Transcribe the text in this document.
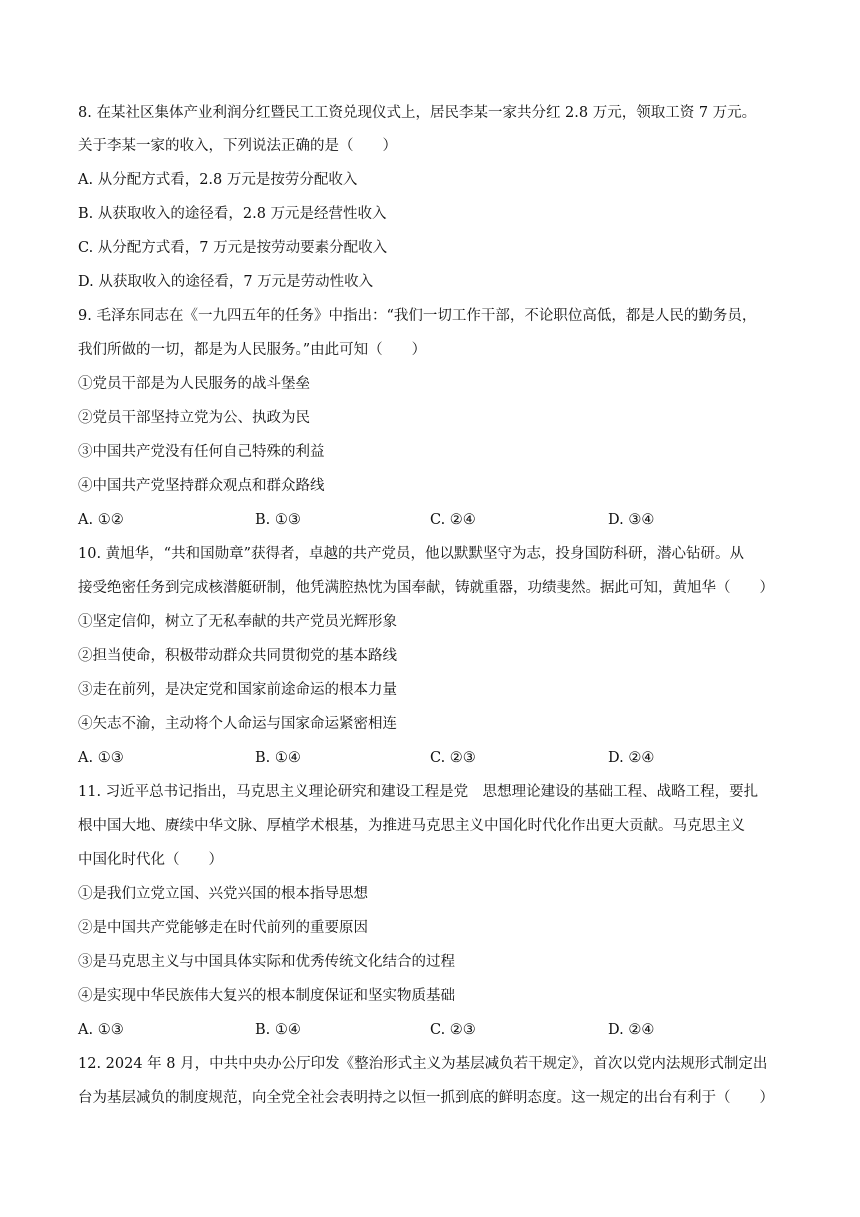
8. 在某社区集体产业利润分红暨民工工资兑现仪式上，居民李某一家共分红 2.8 万元，领取工资 7 万元。
关于李某一家的收入，下列说法正确的是（　　）
A. 从分配方式看，2.8 万元是按劳分配收入
B. 从获取收入的途径看，2.8 万元是经营性收入
C. 从分配方式看，7 万元是按劳动要素分配收入
D. 从获取收入的途径看，7 万元是劳动性收入
9. 毛泽东同志在《一九四五年的任务》中指出：“我们一切工作干部，不论职位高低，都是人民的勤务员，
我们所做的一切，都是为人民服务。”由此可知（　　）
①党员干部是为人民服务的战斗堡垒
②党员干部坚持立党为公、执政为民
③中国共产党没有任何自己特殊的利益
④中国共产党坚持群众观点和群众路线
A. ①②	B. ①③	C. ②④	D. ③④
10. 黄旭华，“共和国勋章”获得者，卓越的共产党员，他以默默坚守为志，投身国防科研，潜心钻研。从
接受绝密任务到完成核潜艇研制，他凭满腔热忱为国奉献，铸就重器，功绩斐然。据此可知，黄旭华（　　）
①坚定信仰，树立了无私奉献的共产党员光辉形象
②担当使命，积极带动群众共同贯彻党的基本路线
③走在前列，是决定党和国家前途命运的根本力量
④矢志不渝，主动将个人命运与国家命运紧密相连
A. ①③	B. ①④	C. ②③	D. ②④
11. 习近平总书记指出，马克思主义理论研究和建设工程是党　思想理论建设的基础工程、战略工程，要扎
根中国大地、赓续中华文脉、厚植学术根基，为推进马克思主义中国化时代化作出更大贡献。马克思主义
中国化时代化（　　）
①是我们立党立国、兴党兴国的根本指导思想
②是中国共产党能够走在时代前列的重要原因
③是马克思主义与中国具体实际和优秀传统文化结合的过程
④是实现中华民族伟大复兴的根本制度保证和坚实物质基础
A. ①③	B. ①④	C. ②③	D. ②④
12. 2024 年 8 月，中共中央办公厅印发《整治形式主义为基层减负若干规定》，首次以党内法规形式制定出
台为基层减负的制度规范，向全党全社会表明持之以恒一抓到底的鲜明态度。这一规定的出台有利于（　　）
